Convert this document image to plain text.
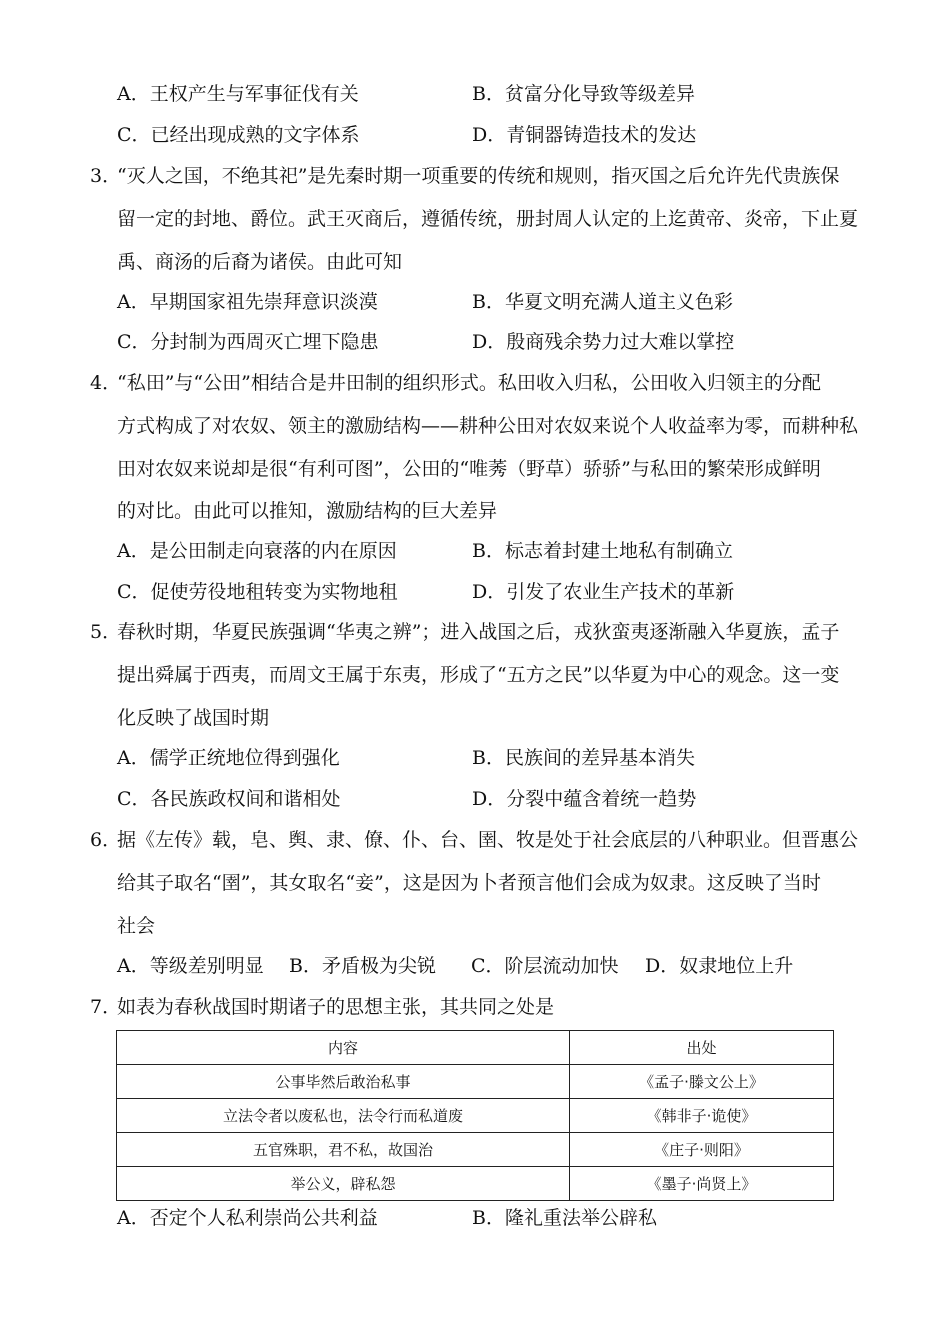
A．王权产生与军事征伐有关	B．贫富分化导致等级差异
C．已经出现成熟的文字体系	D．青铜器铸造技术的发达
3．
“灭人之国，不绝其祀”是先秦时期一项重要的传统和规则，指灭国之后允许先代贵族保
留一定的封地、爵位。武王灭商后，遵循传统，册封周人认定的上迄黄帝、炎帝，下止夏
禹、商汤的后裔为诸侯。由此可知
A．早期国家祖先崇拜意识淡漠	B．华夏文明充满人道主义色彩
C．分封制为西周灭亡埋下隐患	D．殷商残余势力过大难以掌控
4．
“私田”与“公田”相结合是井田制的组织形式。私田收入归私，公田收入归领主的分配
方式构成了对农奴、领主的激励结构——耕种公田对农奴来说个人收益率为零，而耕种私
田对农奴来说却是很“有利可图”，公田的“唯莠（野草）骄骄”与私田的繁荣形成鲜明
的对比。由此可以推知，激励结构的巨大差异
A．是公田制走向衰落的内在原因	B．标志着封建土地私有制确立
C．促使劳役地租转变为实物地租	D．引发了农业生产技术的革新
5．
春秋时期，华夏民族强调“华夷之辨”；进入战国之后，戎狄蛮夷逐渐融入华夏族，孟子
提出舜属于西夷，而周文王属于东夷，形成了“五方之民”以华夏为中心的观念。这一变
化反映了战国时期
A．儒学正统地位得到强化	B．民族间的差异基本消失
C．各民族政权间和谐相处	D．分裂中蕴含着统一趋势
6．
据《左传》载，皂、舆、隶、僚、仆、台、圉、牧是处于社会底层的八种职业。但晋惠公
给其子取名“圉”，其女取名“妾”，这是因为卜者预言他们会成为奴隶。这反映了当时
社会
A．等级差别明显 B．矛盾极为尖锐 C．阶层流动加快 D．奴隶地位上升
7．
如表为春秋战国时期诸子的思想主张，其共同之处是
内容	出处
公事毕然后敢治私事	《孟子·滕文公上》
立法令者以废私也，法令行而私道废	《韩非子·诡使》
五官殊职，君不私，故国治	《庄子·则阳》
举公义，辟私怨	《墨子·尚贤上》
A．否定个人私利崇尚公共利益	B．隆礼重法举公辟私
